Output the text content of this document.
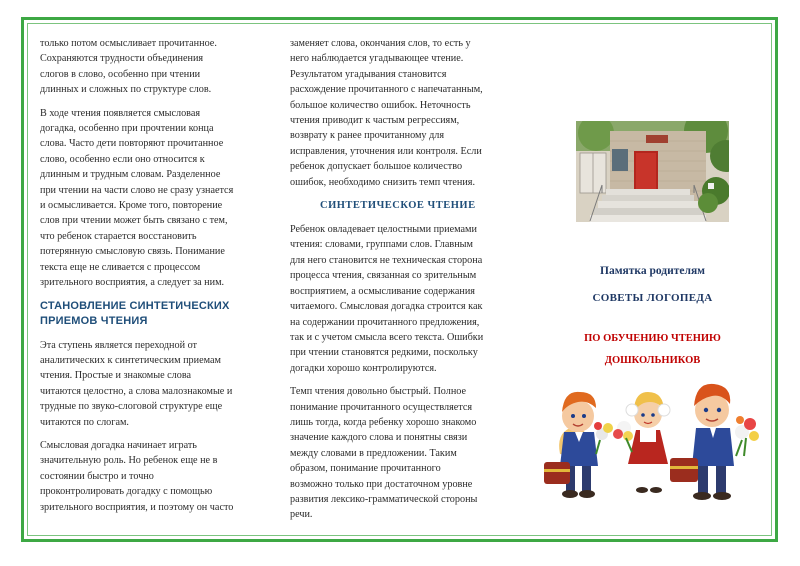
только потом осмысливает прочитанное.
Сохраняются трудности объединения
слогов в слово, особенно при чтении
длинных и сложных по структуре слов.

В ходе чтения появляется смысловая
догадка, особенно при прочтении конца
слова. Часто дети повторяют прочитанное
слово, особенно если оно относится к
длинным и трудным словам. Разделенное
при чтении на части слово не сразу узнается
и осмысливается. Кроме того, повторение
слов при чтении может быть связано с тем,
что ребенок старается восстановить
потерянную смысловую связь. Понимание
текста еще не сливается с процессом
зрительного восприятия, а следует за ним.

СТАНОВЛЕНИЕ СИНТЕТИЧЕСКИХ
ПРИЕМОВ ЧТЕНИЯ

Эта ступень является переходной от
аналитических к синтетическим приемам
чтения. Простые и знакомые слова
читаются целостно, а слова малознакомые и
трудные по звуко-слоговой структуре еще
читаются по слогам.

Смысловая догадка начинает играть
значительную роль. Но ребенок еще не в
состоянии быстро и точно
проконтролировать догадку с помощью
зрительного восприятия, и поэтому он часто

заменяет слова, окончания слов, то есть у
него наблюдается угадывающее чтение.
Результатом угадывания становится
расхождение прочитанного с напечатанным,
большое количество ошибок. Неточность
чтения приводит к частым регрессиям,
возврату к ранее прочитанному для
исправления, уточнения или контроля. Если
ребенок допускает большое количество
ошибок, необходимо снизить темп чтения.

СИНТЕТИЧЕСКОЕ ЧТЕНИЕ

Ребенок овладевает целостными приемами
чтения: словами, группами слов. Главным
для него становится не техническая сторона
процесса чтения, связанная со зрительным
восприятием, а осмысливание содержания
читаемого. Смысловая догадка строится как
на содержании прочитанного предложения,
так и с учетом смысла всего текста. Ошибки
при чтении становятся редкими, поскольку
догадки хорошо контролируются.

Темп чтения довольно быстрый. Полное
понимание прочитанного осуществляется
лишь тогда, когда ребенку хорошо знакомо
значение каждого слова и понятны связи
между словами в предложении. Таким
образом, понимание прочитанного
возможно только при достаточном уровне
развития лексико-грамматической стороны
речи.

Памятка родителям
СОВЕТЫ ЛОГОПЕДА
ПО ОБУЧЕНИЮ ЧТЕНИЮ
ДОШКОЛЬНИКОВ
